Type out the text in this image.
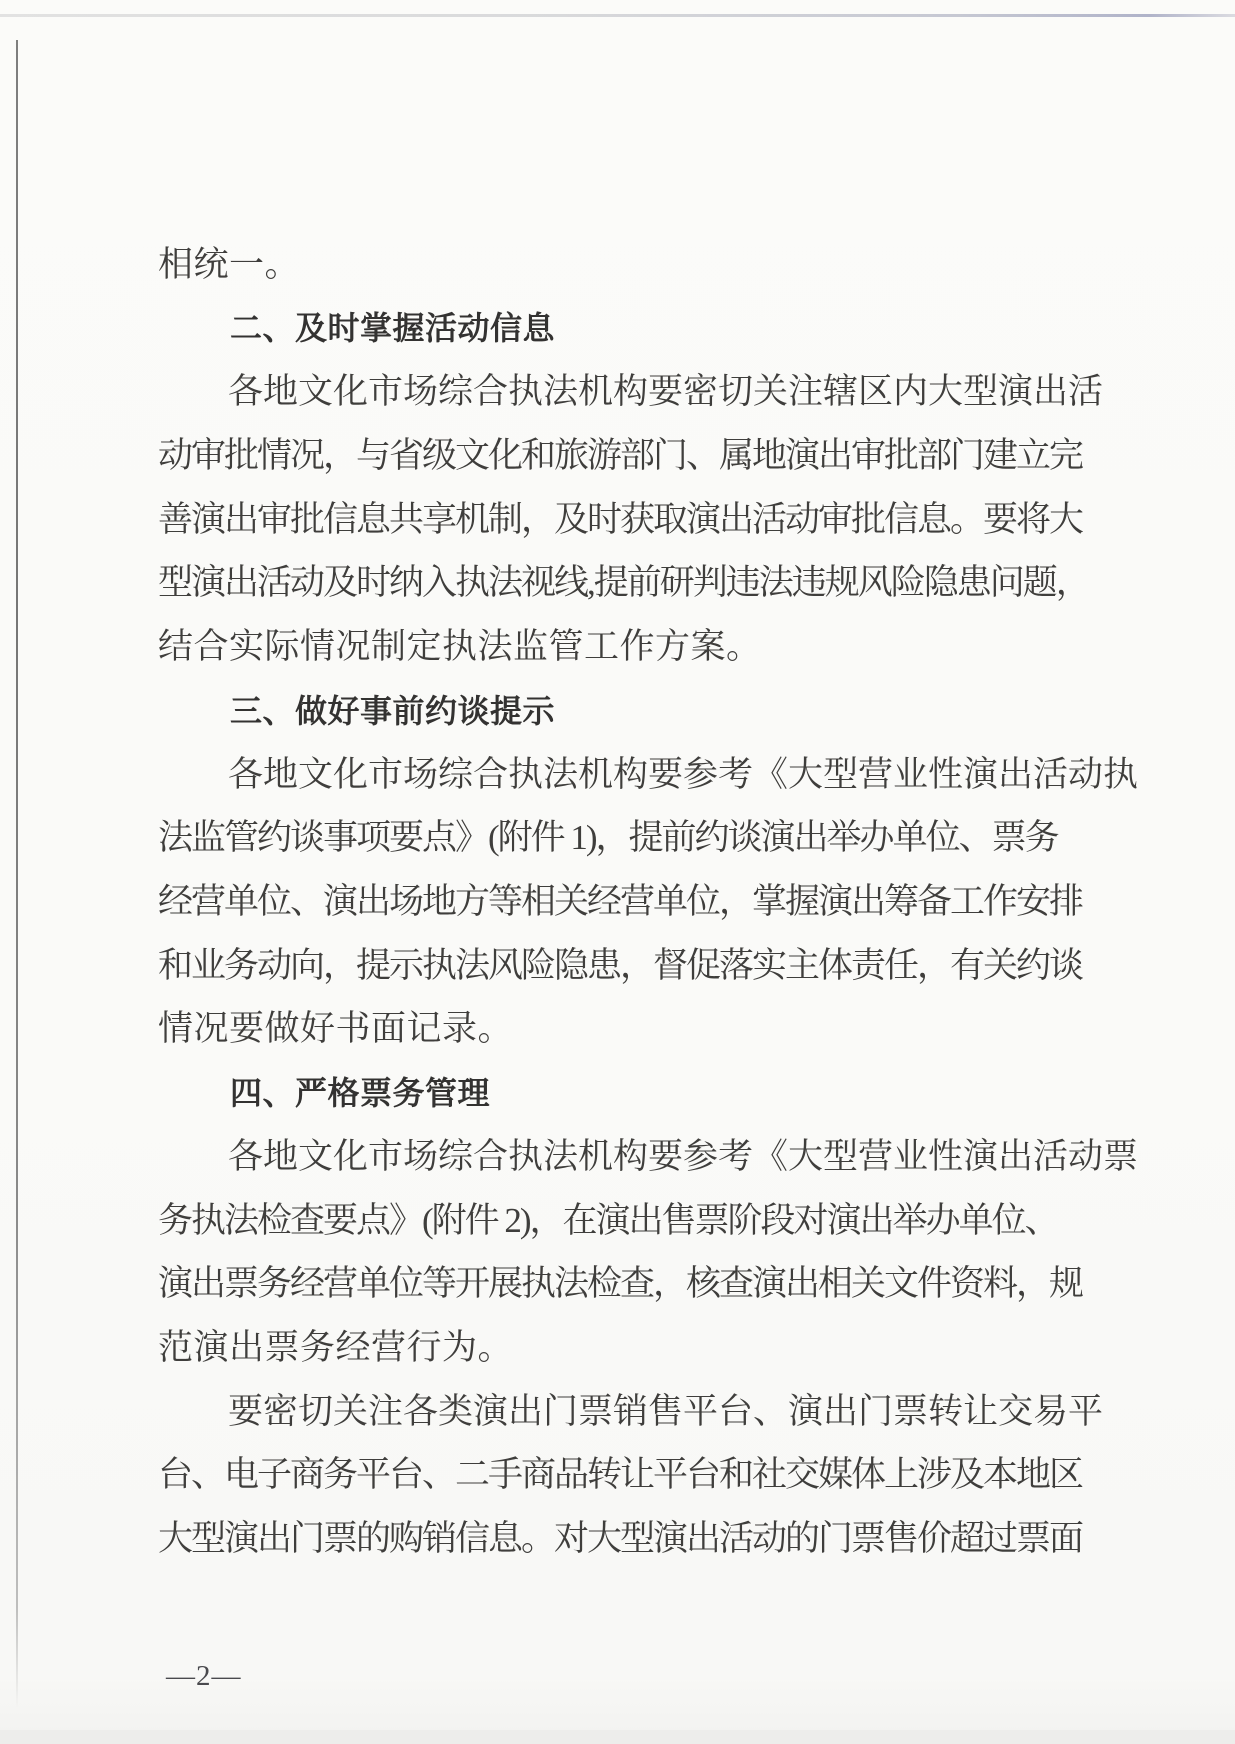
相统一。
二、及时掌握活动信息
各地文化市场综合执法机构要密切关注辖区内大型演出活
动审批情况，与省级文化和旅游部门、属地演出审批部门建立完
善演出审批信息共享机制，及时获取演出活动审批信息。要将大
型演出活动及时纳入执法视线,提前研判违法违规风险隐患问题，
结合实际情况制定执法监管工作方案。
三、做好事前约谈提示
各地文化市场综合执法机构要参考《大型营业性演出活动执
法监管约谈事项要点》(附件 1)，提前约谈演出举办单位、票务
经营单位、演出场地方等相关经营单位，掌握演出筹备工作安排
和业务动向，提示执法风险隐患，督促落实主体责任，有关约谈
情况要做好书面记录。
四、严格票务管理
各地文化市场综合执法机构要参考《大型营业性演出活动票
务执法检查要点》(附件 2)，在演出售票阶段对演出举办单位、
演出票务经营单位等开展执法检查，核查演出相关文件资料，规
范演出票务经营行为。
要密切关注各类演出门票销售平台、演出门票转让交易平
台、电子商务平台、二手商品转让平台和社交媒体上涉及本地区
大型演出门票的购销信息。对大型演出活动的门票售价超过票面
—2—
